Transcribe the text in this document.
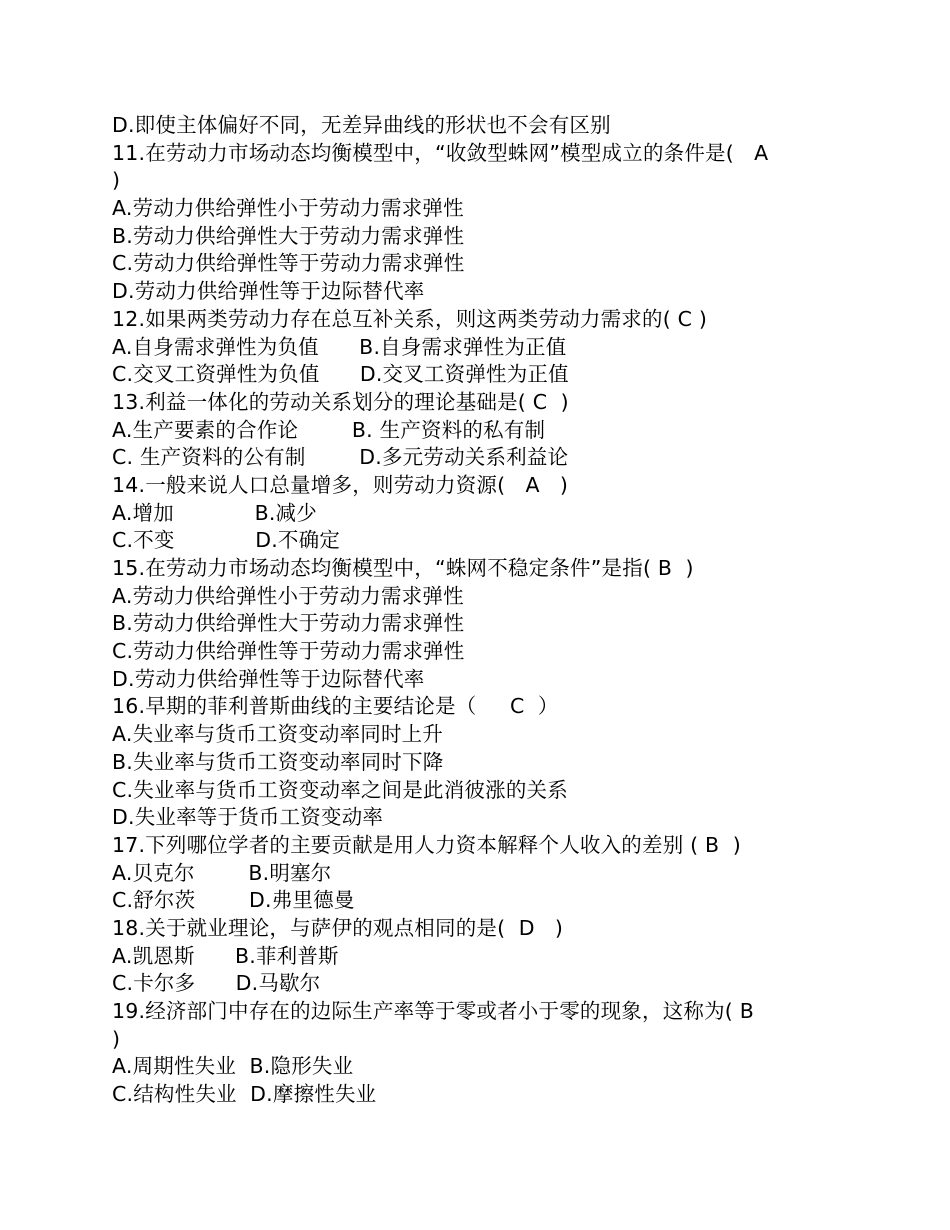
D.即使主体偏好不同，无差异曲线的形状也不会有区别
11.在劳动力市场动态均衡模型中，“收敛型蛛网”模型成立的条件是(   A
)
A.劳动力供给弹性小于劳动力需求弹性
B.劳动力供给弹性大于劳动力需求弹性
C.劳动力供给弹性等于劳动力需求弹性
D.劳动力供给弹性等于边际替代率
12.如果两类劳动力存在总互补关系，则这两类劳动力需求的( C )
A.自身需求弹性为负值      B.自身需求弹性为正值
C.交叉工资弹性为负值      D.交叉工资弹性为正值
13.利益一体化的劳动关系划分的理论基础是( C  )
A.生产要素的合作论        B. 生产资料的私有制
C. 生产资料的公有制        D.多元劳动关系利益论
14.一般来说人口总量增多，则劳动力资源(   A   )
A.增加            B.减少
C.不变            D.不确定
15.在劳动力市场动态均衡模型中，“蛛网不稳定条件”是指( B  )
A.劳动力供给弹性小于劳动力需求弹性
B.劳动力供给弹性大于劳动力需求弹性
C.劳动力供给弹性等于劳动力需求弹性
D.劳动力供给弹性等于边际替代率
16.早期的菲利普斯曲线的主要结论是（     C  ）
A.失业率与货币工资变动率同时上升
B.失业率与货币工资变动率同时下降
C.失业率与货币工资变动率之间是此消彼涨的关系
D.失业率等于货币工资变动率
17.下列哪位学者的主要贡献是用人力资本解释个人收入的差别 ( B  )
A.贝克尔        B.明塞尔
C.舒尔茨        D.弗里德曼
18.关于就业理论，与萨伊的观点相同的是(  D   )
A.凯恩斯      B.菲利普斯
C.卡尔多      D.马歇尔
19.经济部门中存在的边际生产率等于零或者小于零的现象，这称为( B
)
A.周期性失业  B.隐形失业
C.结构性失业  D.摩擦性失业
